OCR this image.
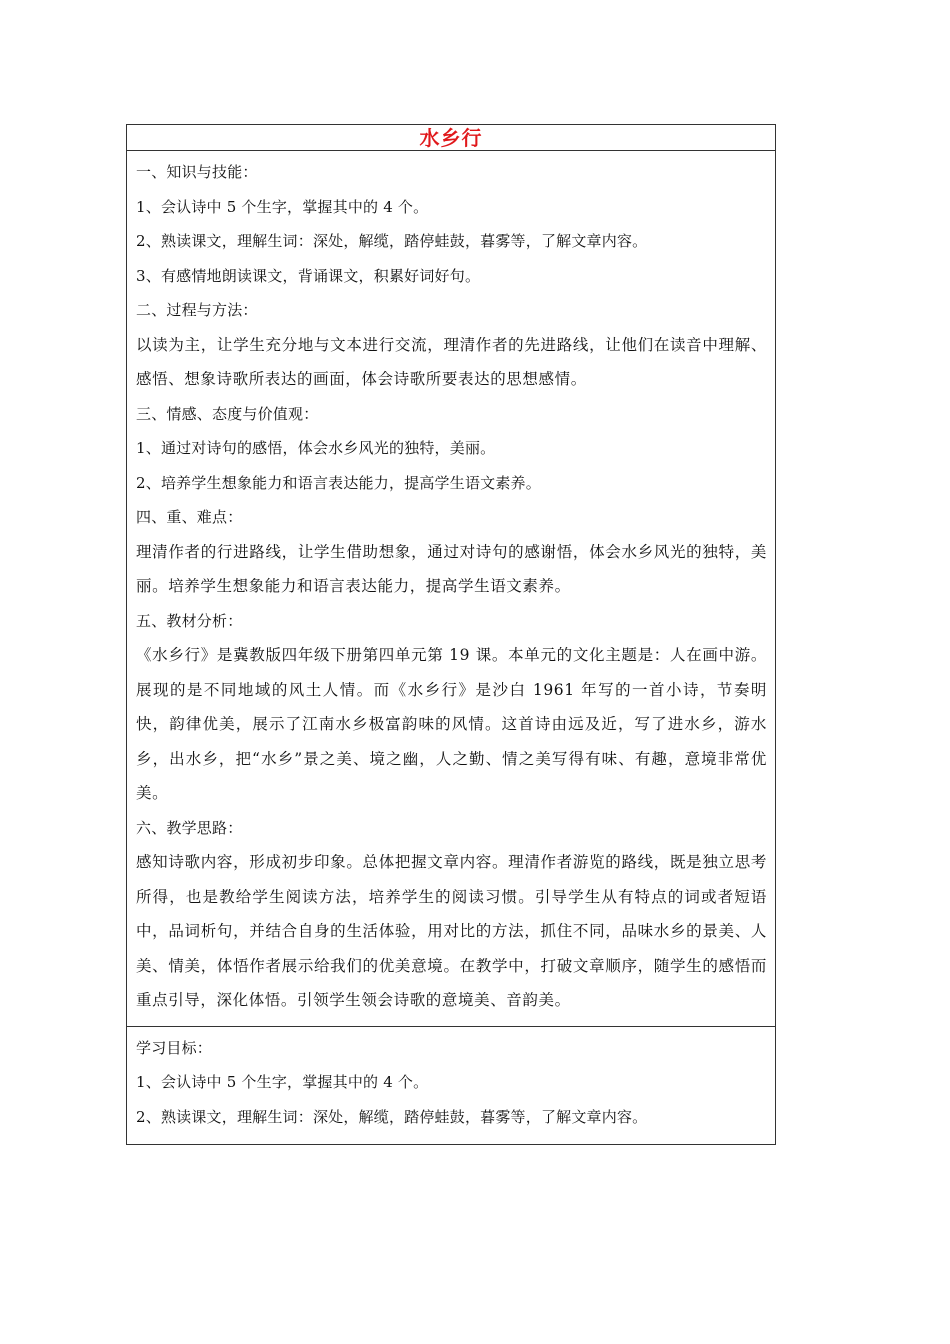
水乡行
一、知识与技能：
1、会认诗中 5 个生字，掌握其中的 4 个。
2、熟读课文，理解生词：深处，解缆，踏停蛙鼓，暮雾等，了解文章内容。
3、有感情地朗读课文，背诵课文，积累好词好句。
二、过程与方法：
以读为主，让学生充分地与文本进行交流，理清作者的先进路线，让他们在读音中理解、感悟、想象诗歌所表达的画面，体会诗歌所要表达的思想感情。
三、情感、态度与价值观：
1、通过对诗句的感悟，体会水乡风光的独特，美丽。
2、培养学生想象能力和语言表达能力，提高学生语文素养。
四、重、难点：
理清作者的行进路线，让学生借助想象，通过对诗句的感谢悟，体会水乡风光的独特，美丽。培养学生想象能力和语言表达能力，提高学生语文素养。
五、教材分析：
《水乡行》是冀教版四年级下册第四单元第 19 课。本单元的文化主题是：人在画中游。展现的是不同地域的风土人情。而《水乡行》是沙白 1961 年写的一首小诗，节奏明快，韵律优美，展示了江南水乡极富韵味的风情。这首诗由远及近，写了进水乡，游水乡，出水乡，把“水乡”景之美、境之幽，人之勤、情之美写得有味、有趣，意境非常优美。
六、教学思路：
感知诗歌内容，形成初步印象。总体把握文章内容。理清作者游览的路线，既是独立思考所得，也是教给学生阅读方法，培养学生的阅读习惯。引导学生从有特点的词或者短语中，品词析句，并结合自身的生活体验，用对比的方法，抓住不同，品味水乡的景美、人美、情美，体悟作者展示给我们的优美意境。在教学中，打破文章顺序，随学生的感悟而重点引导，深化体悟。引领学生领会诗歌的意境美、音韵美。
学习目标：
1、会认诗中 5 个生字，掌握其中的 4 个。
2、熟读课文，理解生词：深处，解缆，踏停蛙鼓，暮雾等，了解文章内容。
